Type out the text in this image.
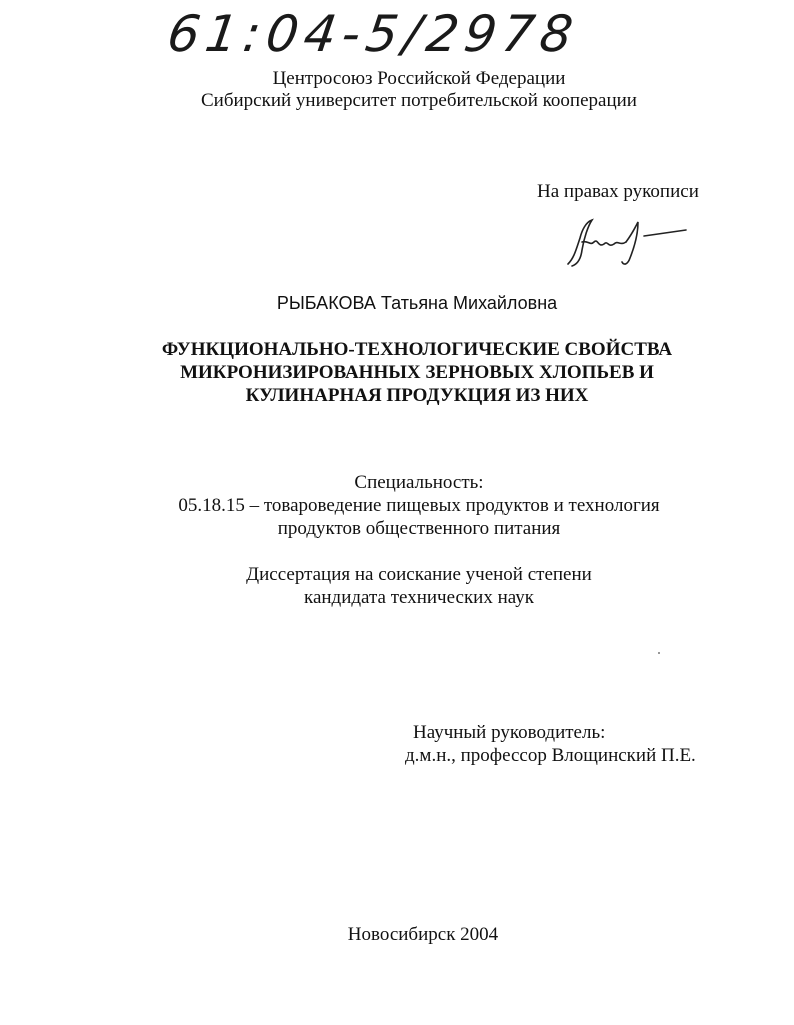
61:04-5/2978
Центросоюз Российской Федерации
Сибирский университет потребительской кооперации
На правах рукописи
РЫБАКОВА Татьяна Михайловна
ФУНКЦИОНАЛЬНО-ТЕХНОЛОГИЧЕСКИЕ СВОЙСТВА
МИКРОНИЗИРОВАННЫХ ЗЕРНОВЫХ ХЛОПЬЕВ И
КУЛИНАРНАЯ ПРОДУКЦИЯ ИЗ НИХ
Специальность:
05.18.15 – товароведение пищевых продуктов и технология
продуктов общественного питания
Диссертация на соискание ученой степени
кандидата технических наук
Научный руководитель:
д.м.н., профессор Влощинский П.Е.
Новосибирск 2004
